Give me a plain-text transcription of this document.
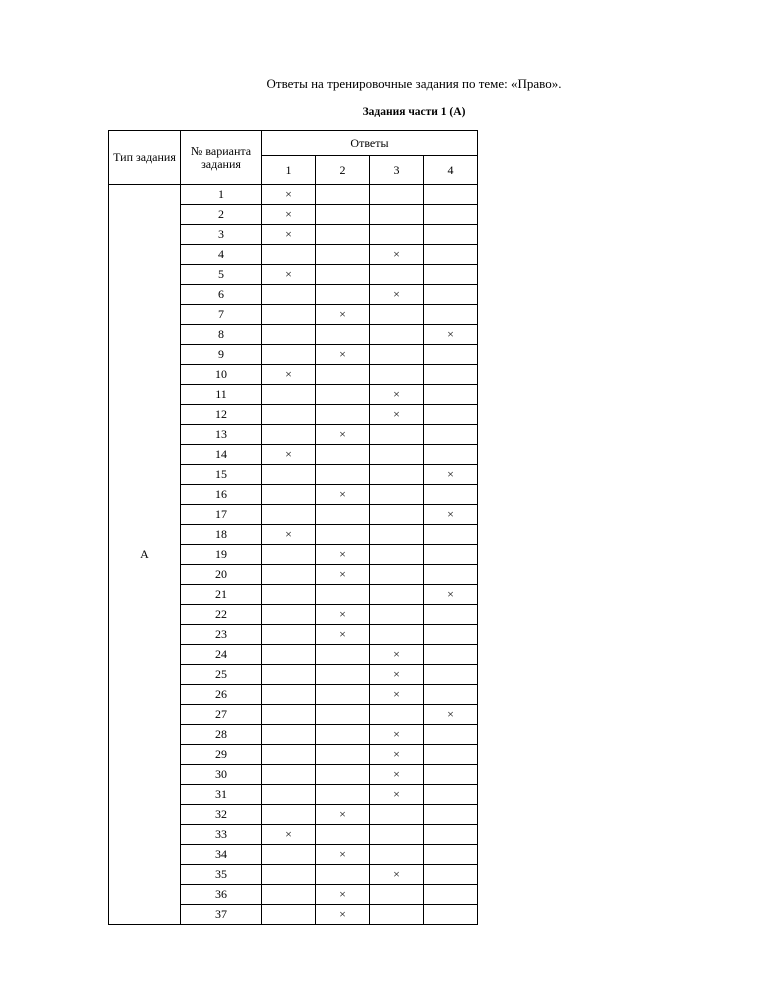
Ответы на тренировочные задания по теме: «Право».
Задания части 1 (А)
Тип задания	№ варианта задания	Ответы			
		1	2	3	4
А	1	×			
	2	×			
	3	×			
	4			×	
	5	×			
	6			×	
	7		×		
	8				×
	9		×		
	10	×			
	11			×	
	12			×	
	13		×		
	14	×			
	15				×
	16		×		
	17				×
	18	×			
	19		×		
	20		×		
	21				×
	22		×		
	23		×		
	24			×	
	25			×	
	26			×	
	27				×
	28			×	
	29			×	
	30			×	
	31			×	
	32		×		
	33	×			
	34		×		
	35			×	
	36		×		
	37		×		
